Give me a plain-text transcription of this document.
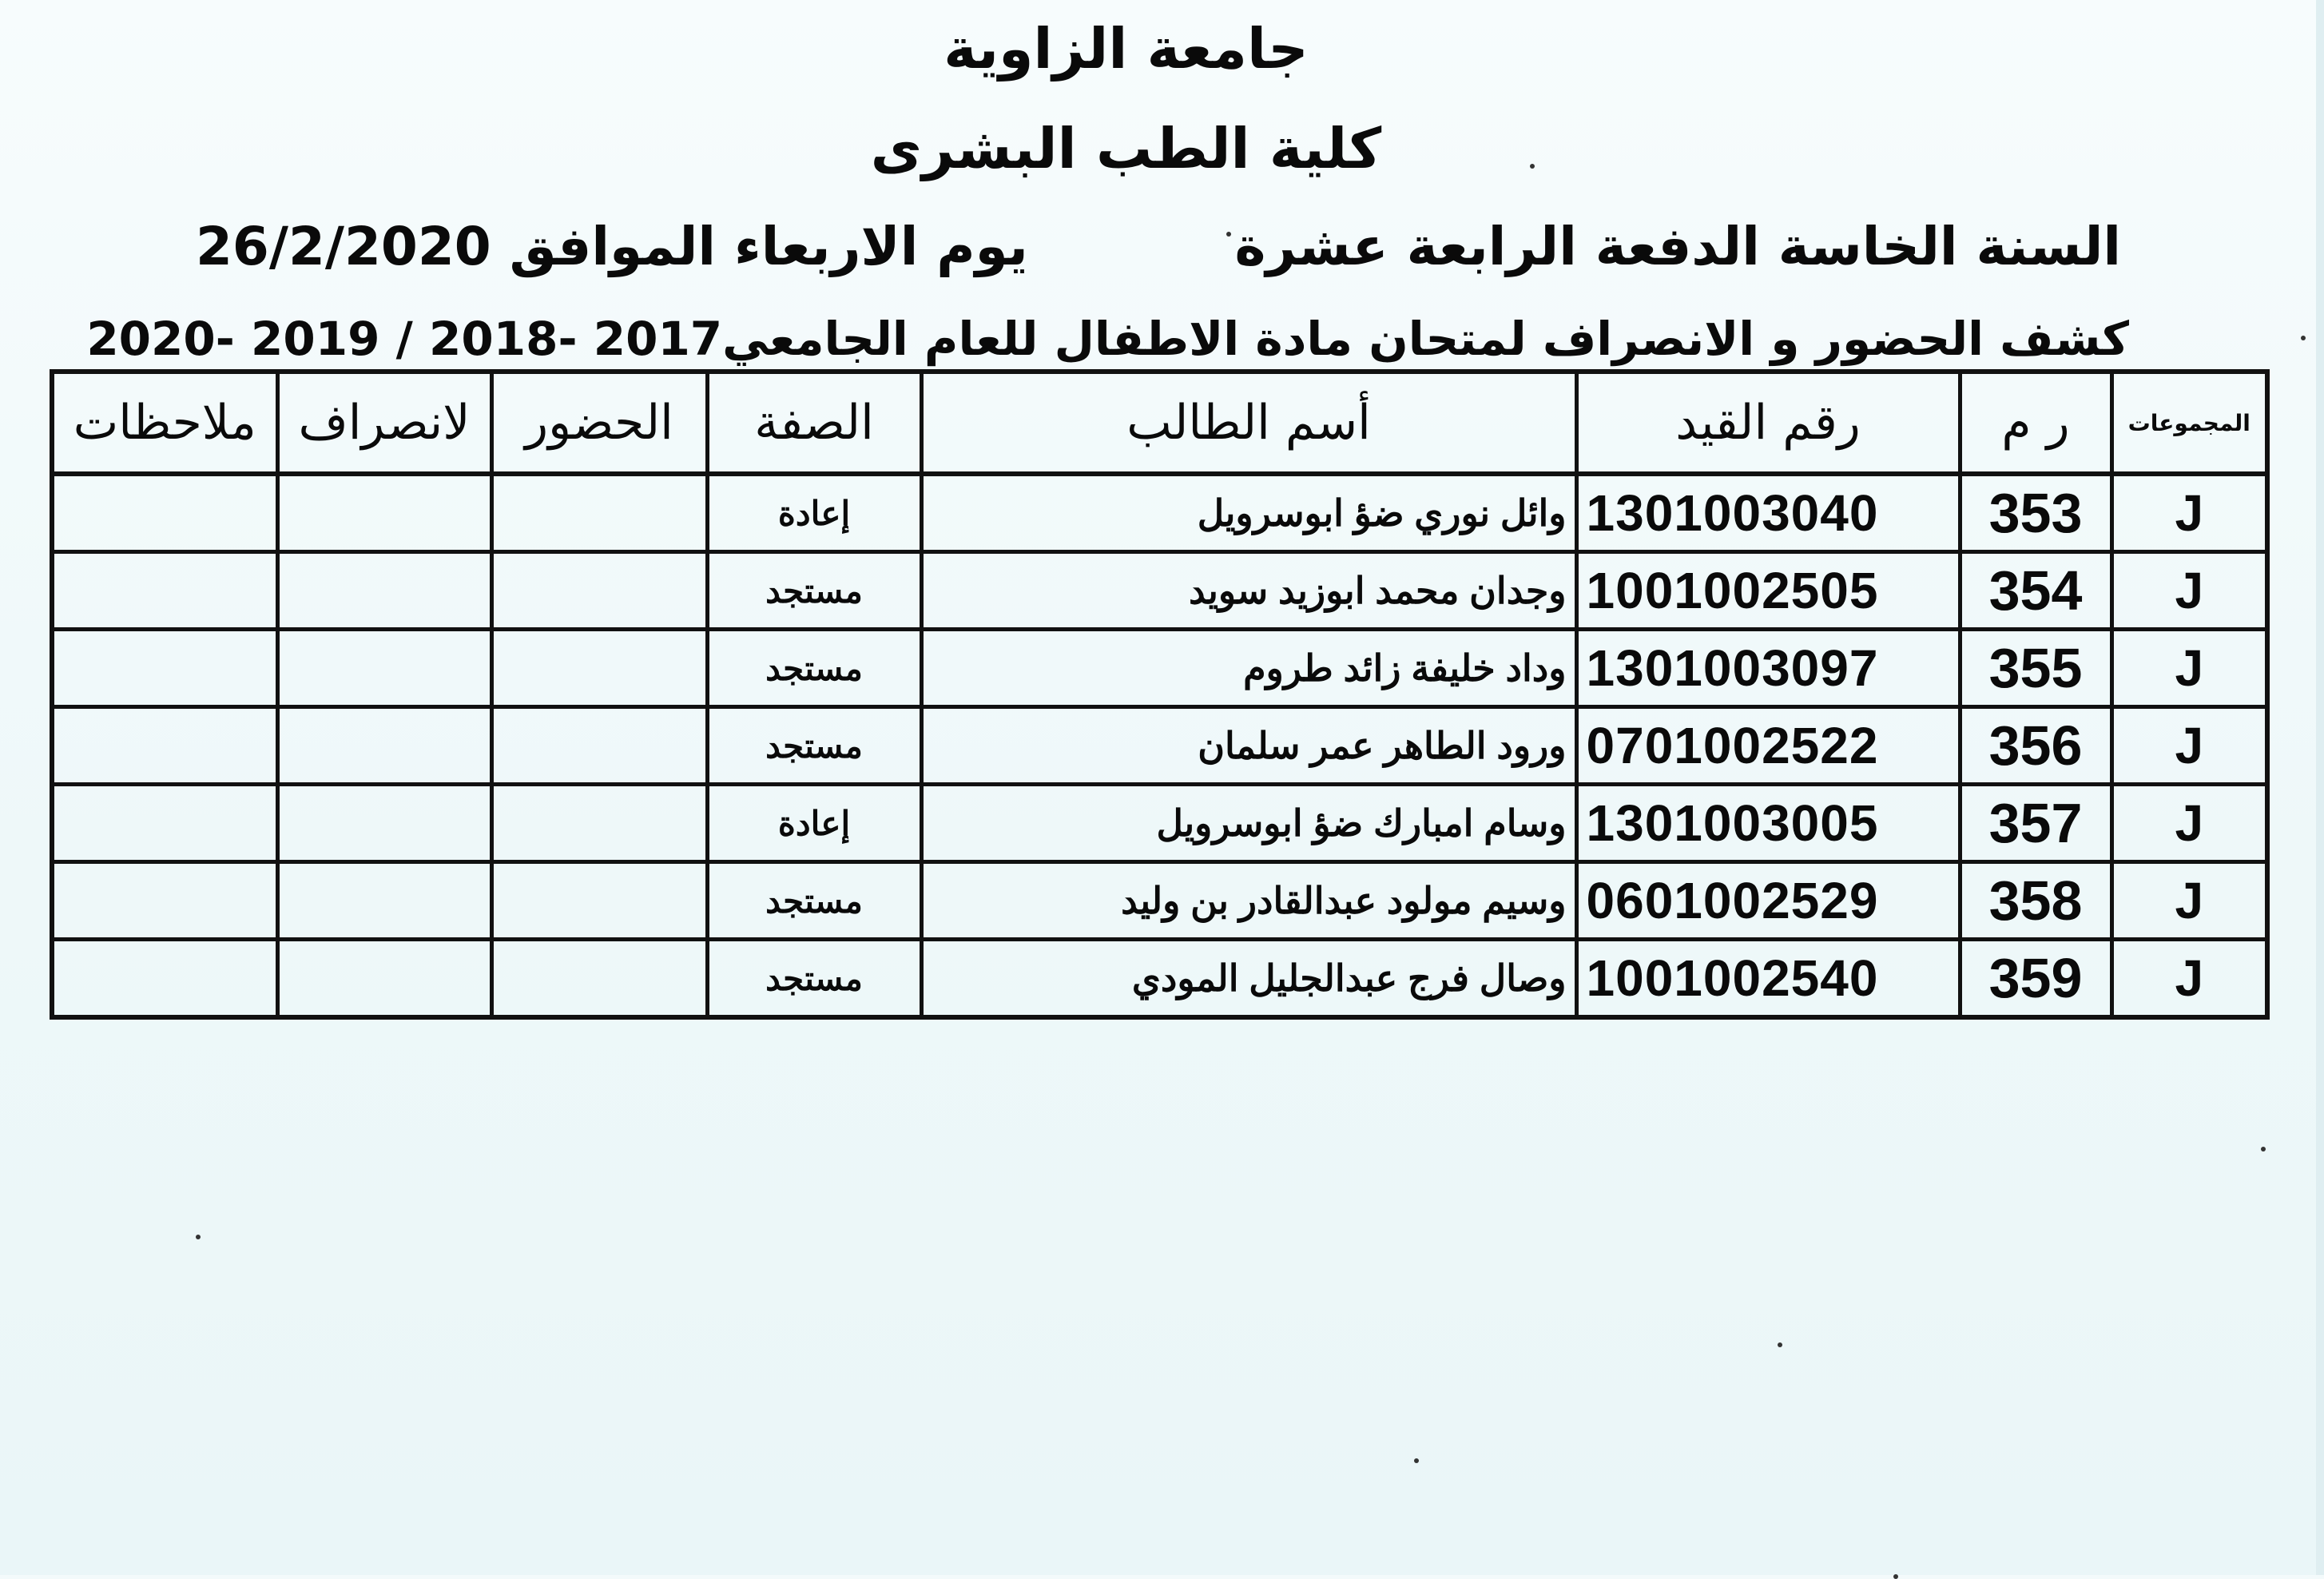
جامعة الزاوية
كلية الطب البشرى
السنة الخاسة الدفعة الرابعة عشرة
يوم الاربعاء الموافق 26/2/2020
كشف الحضور و الانصراف لمتحان مادة الاطفال للعام الجامعي2017 -2018 / 2019 -2020
المجموعات	ر م	رقم القيد	أسم الطالب	الصفة	الحضور	لانصراف	ملاحظات
J	353	1301003040	وائل نوري ضؤ ابوسرويل	إعادة			
J	354	1001002505	وجدان محمد ابوزيد سويد	مستجد			
J	355	1301003097	وداد خليفة زائد طروم	مستجد			
J	356	0701002522	ورود الطاهر عمر سلمان	مستجد			
J	357	1301003005	وسام امبارك ضؤ ابوسرويل	إعادة			
J	358	0601002529	وسيم مولود عبدالقادر بن وليد	مستجد			
J	359	1001002540	وصال فرج عبدالجليل المودي	مستجد			
